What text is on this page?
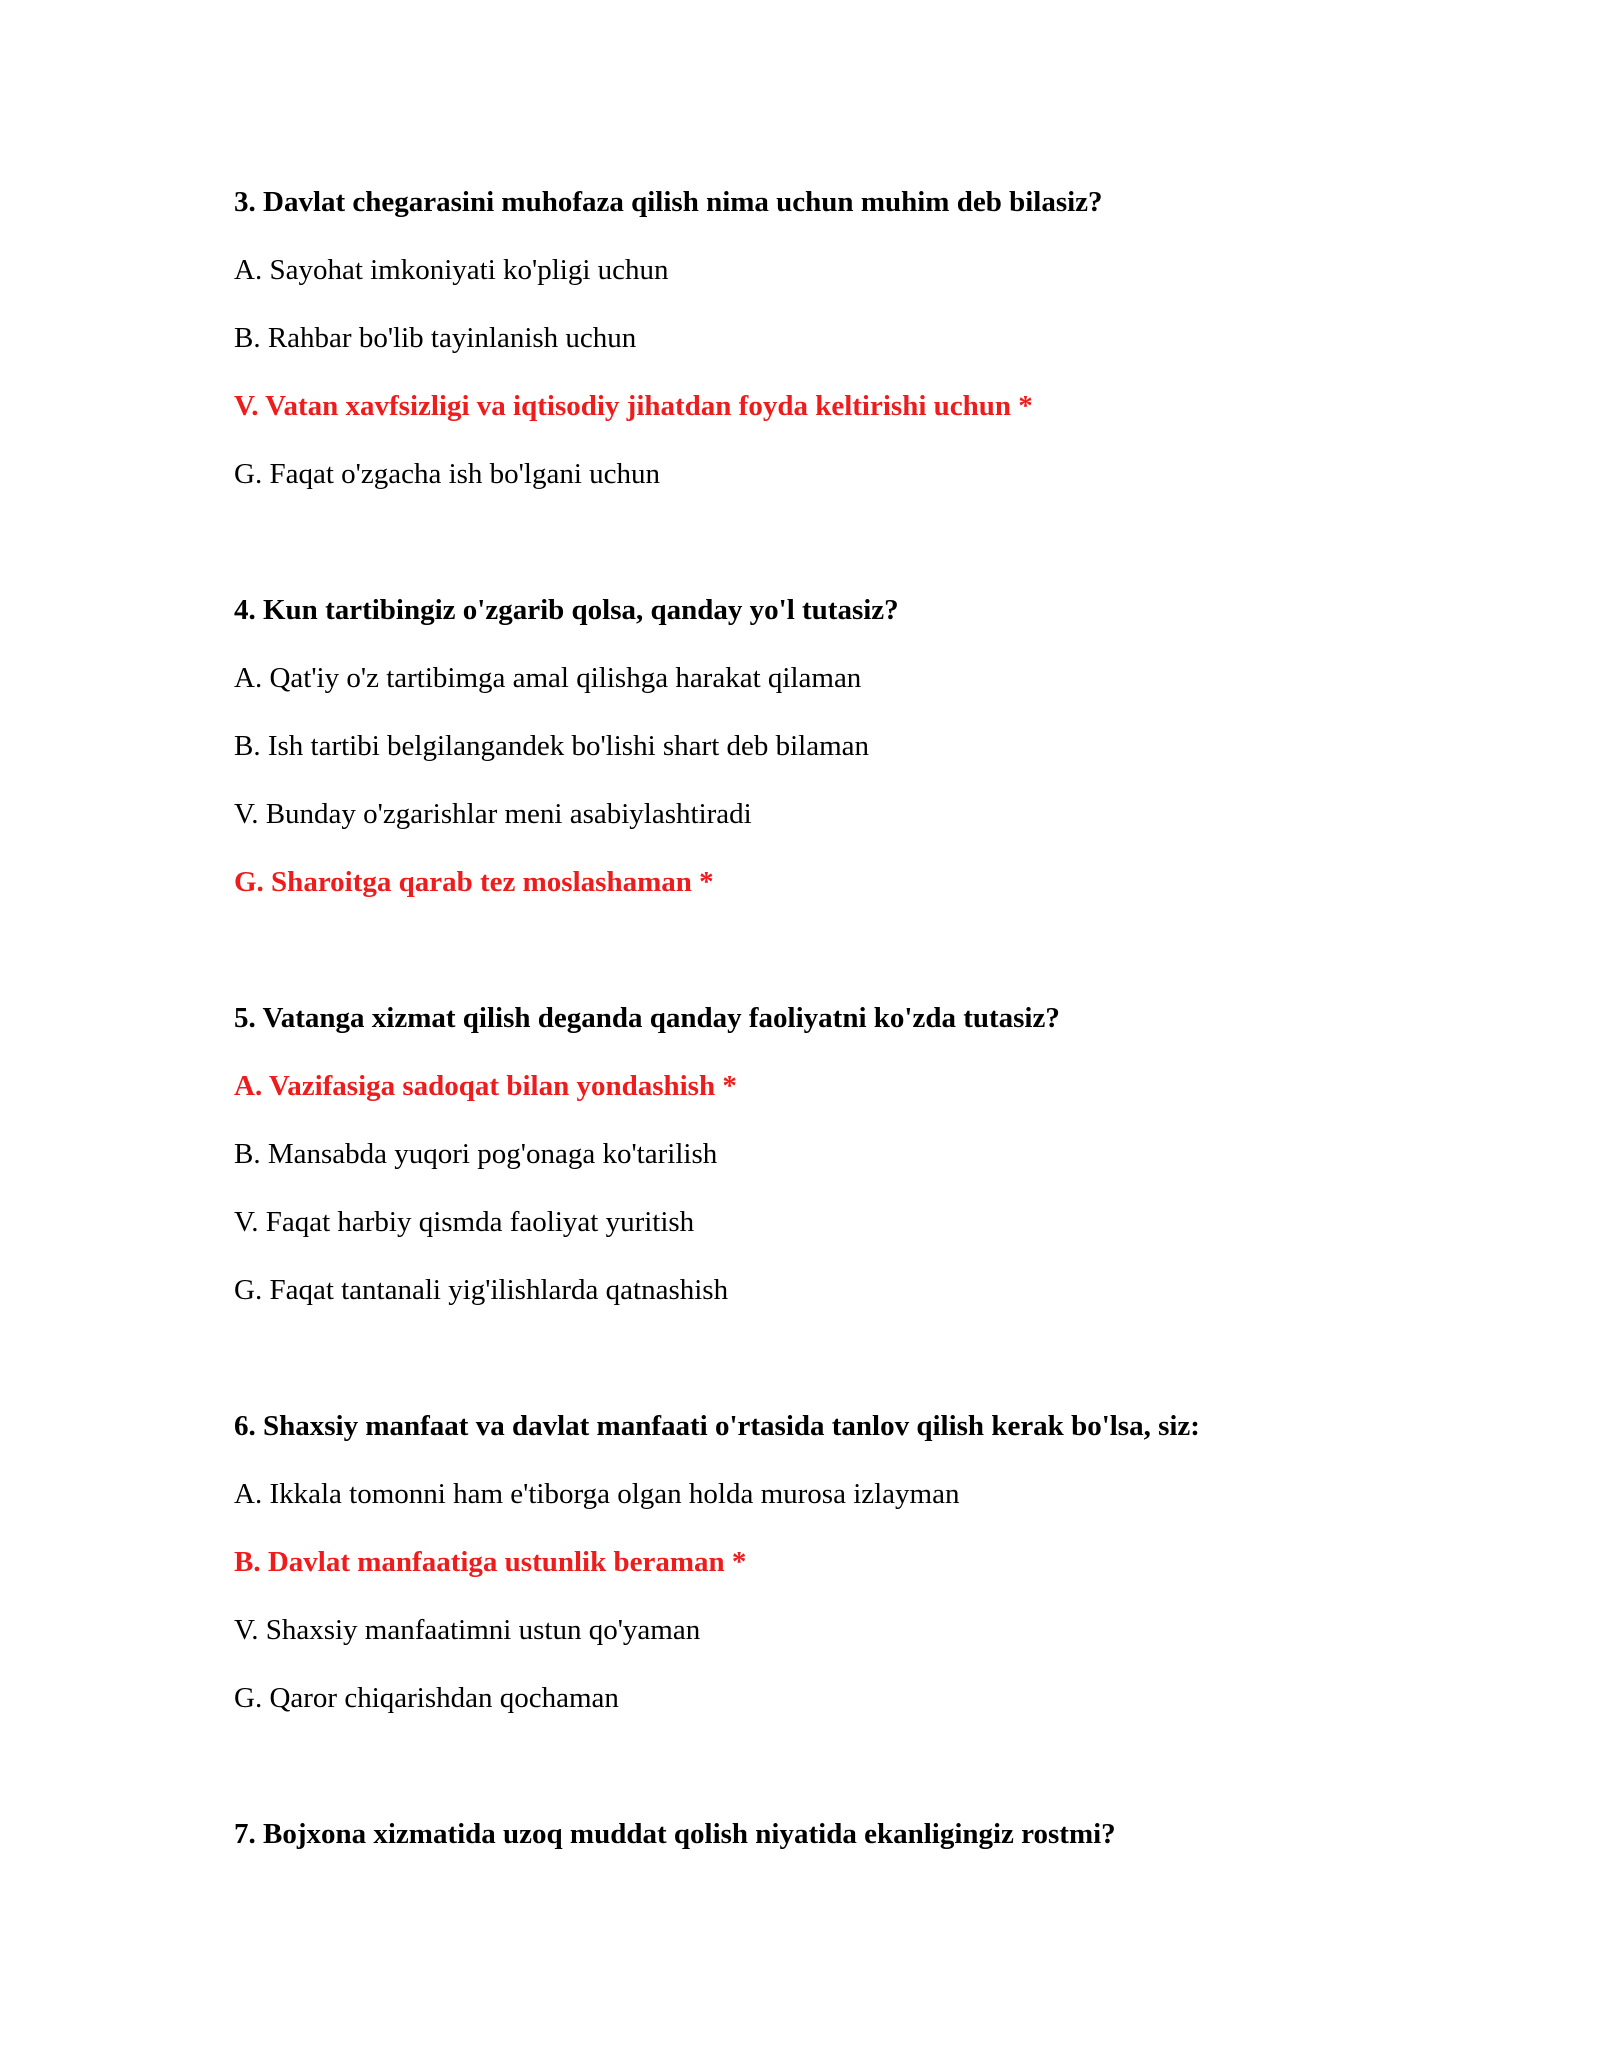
3. Davlat chegarasini muhofaza qilish nima uchun muhim deb bilasiz?
A. Sayohat imkoniyati ko'pligi uchun
B. Rahbar bo'lib tayinlanish uchun
V. Vatan xavfsizligi va iqtisodiy jihatdan foyda keltirishi uchun *
G. Faqat o'zgacha ish bo'lgani uchun
4. Kun tartibingiz o'zgarib qolsa, qanday yo'l tutasiz?
A. Qat'iy o'z tartibimga amal qilishga harakat qilaman
B. Ish tartibi belgilangandek bo'lishi shart deb bilaman
V. Bunday o'zgarishlar meni asabiylashtiradi
G. Sharoitga qarab tez moslashaman *
5. Vatanga xizmat qilish deganda qanday faoliyatni ko'zda tutasiz?
A. Vazifasiga sadoqat bilan yondashish *
B. Mansabda yuqori pog'onaga ko'tarilish
V. Faqat harbiy qismda faoliyat yuritish
G. Faqat tantanali yig'ilishlarda qatnashish
6. Shaxsiy manfaat va davlat manfaati o'rtasida tanlov qilish kerak bo'lsa, siz:
A. Ikkala tomonni ham e'tiborga olgan holda murosa izlayman
B. Davlat manfaatiga ustunlik beraman *
V. Shaxsiy manfaatimni ustun qo'yaman
G. Qaror chiqarishdan qochaman
7. Bojxona xizmatida uzoq muddat qolish niyatida ekanligingiz rostmi?
